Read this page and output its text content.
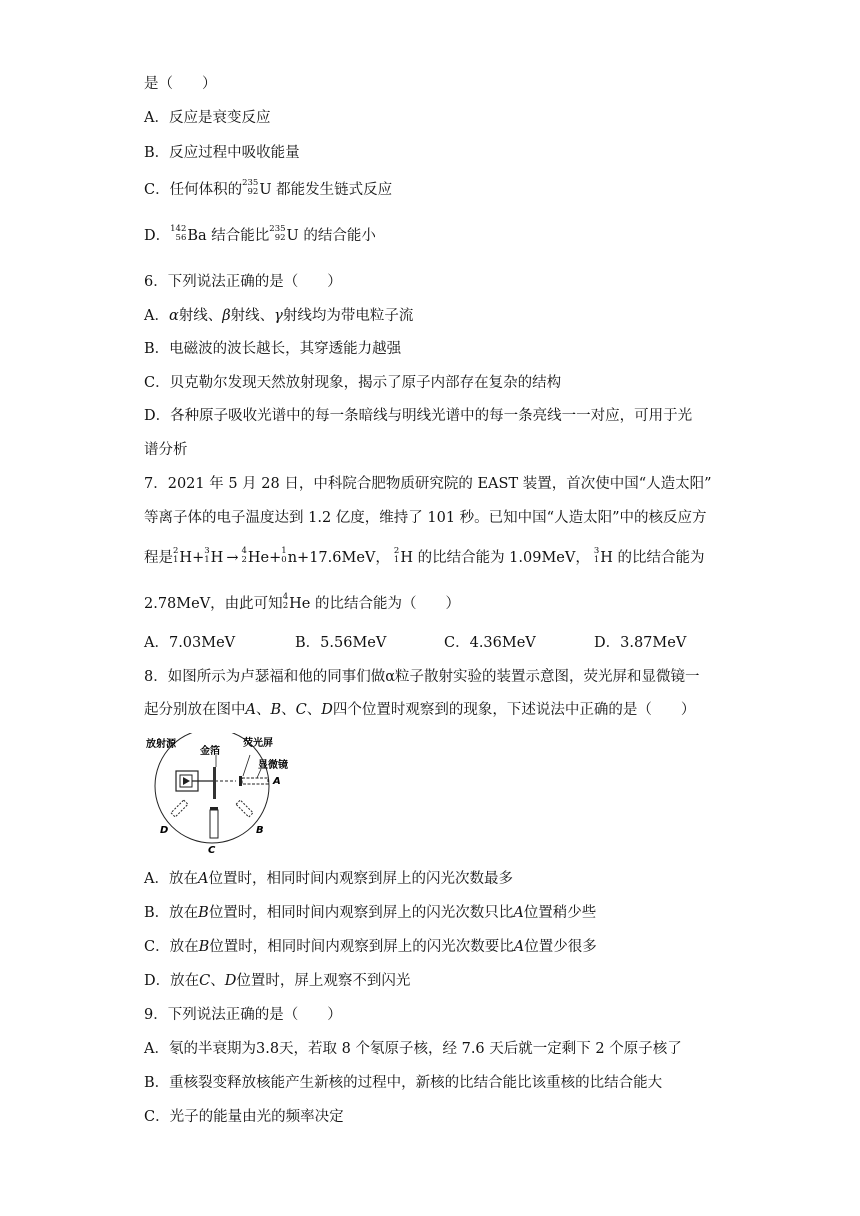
是（　　）
A．反应是衰变反应
B．反应过程中吸收能量
C．任何体积的 235
92 U 都能发生链式反应
D． 142
56 Ba 结合能比 235
92 U 的结合能小
6．下列说法正确的是（　　）
A．α射线、β射线、γ射线均为带电粒子流
B．电磁波的波长越长，其穿透能力越强
C．贝克勒尔发现天然放射现象，揭示了原子内部存在复杂的结构
D．各种原子吸收光谱中的每一条暗线与明线光谱中的每一条亮线一一对应，可用于光
谱分析
7．2021 年 5 月 28 日，中科院合肥物质研究院的 EAST 装置，首次使中国“人造太阳”
等离子体的电子温度达到 1.2 亿度，维持了 101 秒。已知中国“人造太阳”中的核反应方
程是 2
1 H+ 3
1 H → 4
2 He+ 1
0 n+17.6MeV， 2
1 H 的比结合能为 1.09MeV， 3
1 H 的比结合能为
2.78MeV，由此可知 4
2 He 的比结合能为（　　）
A．7.03MeV	B．5.56MeV	C．4.36MeV	D．3.87MeV
8．如图所示为卢瑟福和他的同事们做α粒子散射实验的装置示意图，荧光屏和显微镜一
起分别放在图中A、B、C、D四个位置时观察到的现象，下述说法中正确的是（　　）
放射源
金箔
荧光屏
显微镜
A
B
C
D
A．放在A位置时，相同时间内观察到屏上的闪光次数最多
B．放在B位置时，相同时间内观察到屏上的闪光次数只比A位置稍少些
C．放在B位置时，相同时间内观察到屏上的闪光次数要比A位置少很多
D．放在C、D位置时，屏上观察不到闪光
9．下列说法正确的是（　　）
A．氡的半衰期为3.8天，若取 8 个氡原子核，经 7.6 天后就一定剩下 2 个原子核了
B．重核裂变释放核能产生新核的过程中，新核的比结合能比该重核的比结合能大
C．光子的能量由光的频率决定
